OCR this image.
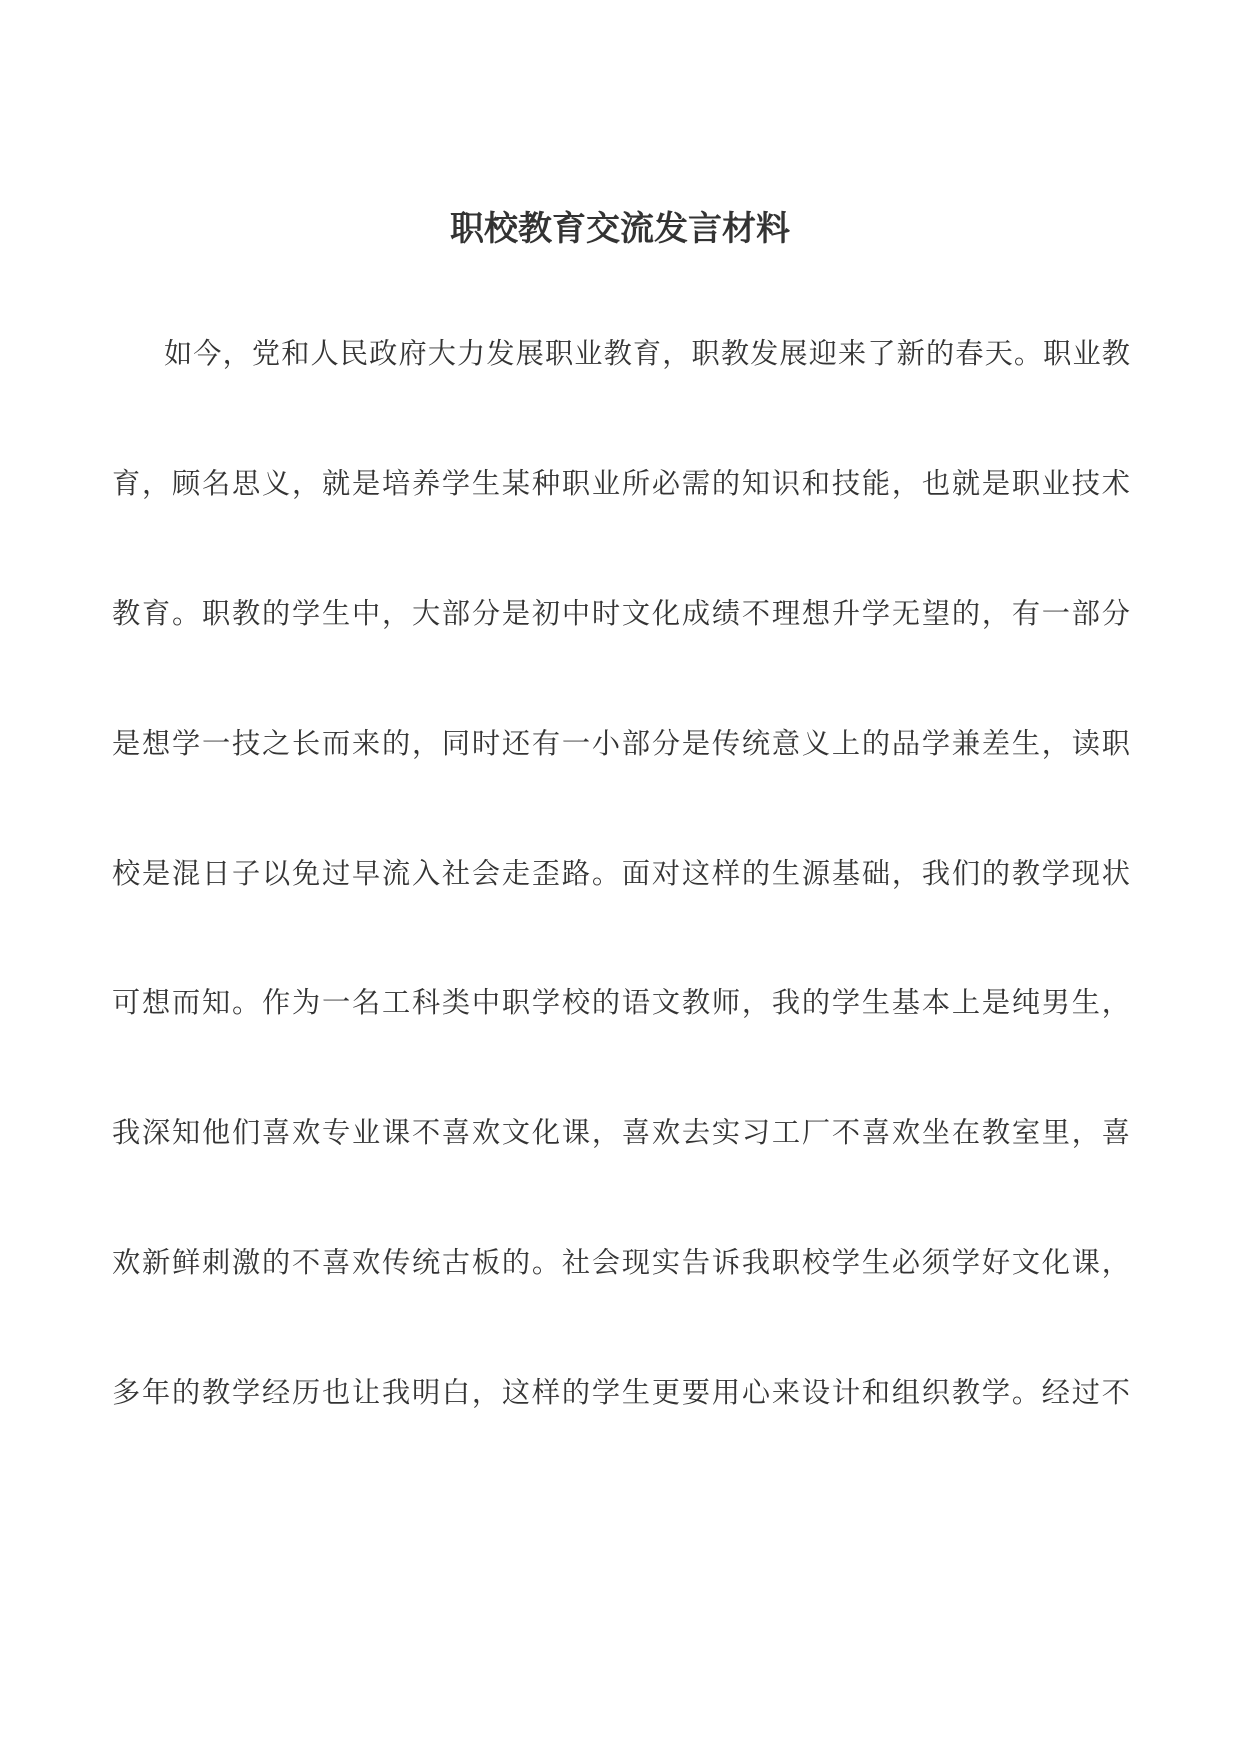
职校教育交流发言材料
如今，党和人民政府大力发展职业教育，职教发展迎来了新的春天。职业教
育，顾名思义，就是培养学生某种职业所必需的知识和技能，也就是职业技术
教育。职教的学生中，大部分是初中时文化成绩不理想升学无望的，有一部分
是想学一技之长而来的，同时还有一小部分是传统意义上的品学兼差生，读职
校是混日子以免过早流入社会走歪路。面对这样的生源基础，我们的教学现状
可想而知。作为一名工科类中职学校的语文教师，我的学生基本上是纯男生，
我深知他们喜欢专业课不喜欢文化课，喜欢去实习工厂不喜欢坐在教室里，喜
欢新鲜刺激的不喜欢传统古板的。社会现实告诉我职校学生必须学好文化课，
多年的教学经历也让我明白，这样的学生更要用心来设计和组织教学。经过不
